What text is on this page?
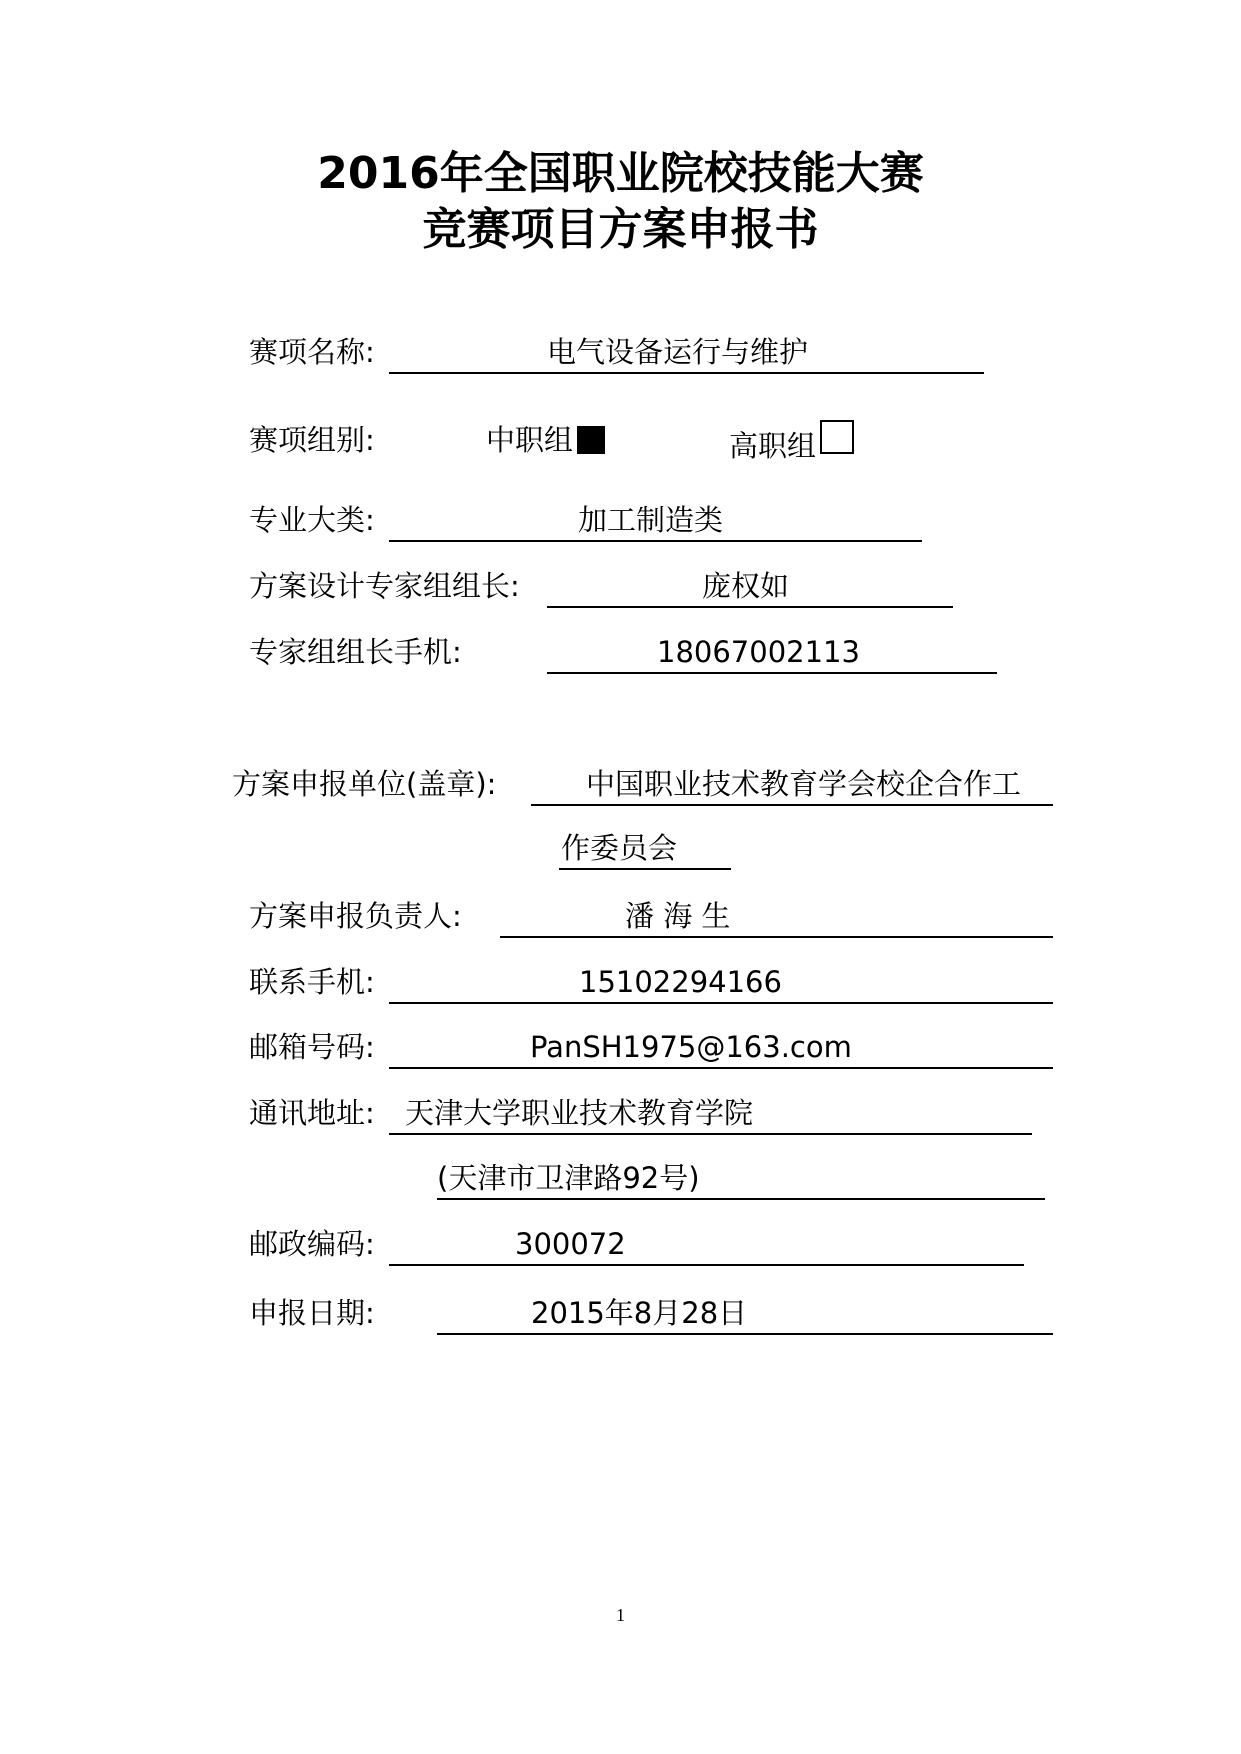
2016年全国职业院校技能大赛
竞赛项目方案申报书
赛项名称:	电气设备运行与维护
赛项组别:	中职组	高职组
专业大类:	加工制造类
方案设计专家组组长:	庞权如
专家组组长手机:	18067002113
方案申报单位(盖章):	中国职业技术教育学会校企合作工
作委员会
方案申报负责人:	潘 海 生
联系手机:	15102294166
邮箱号码:	PanSH1975@163.com
通讯地址: 天津大学职业技术教育学院
(天津市卫津路92号)
邮政编码:	300072
申报日期:	2015年8月28日
1
